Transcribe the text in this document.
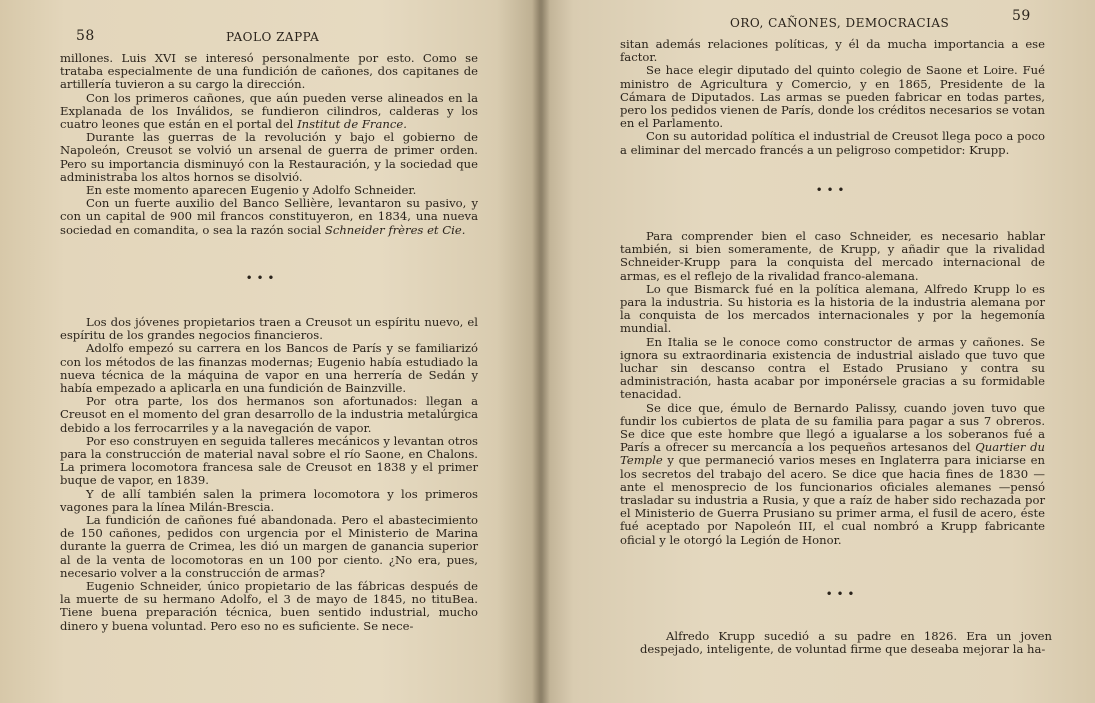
58	PAOLO ZAPPA

millones. Luis XVI se interesó personalmente por esto. Como se trataba especialmente de una fundición de cañones, dos capitanes de artillería tuvieron a su cargo la dirección.

Con los primeros cañones, que aún pueden verse alineados en la Explanada de los Inválidos, se fundieron cilindros, calderas y los cuatro leones que están en el portal del Institut de France.

Durante las guerras de la revolución y bajo el gobierno de Napoleón, Creusot se volvió un arsenal de guerra de primer orden. Pero su importancia disminuyó con la Restauración, y la sociedad que administraba los altos hornos se disolvió.

En este momento aparecen Eugenio y Adolfo Schneider.

Con un fuerte auxilio del Banco Sellière, levantaron su pasivo, y con un capital de 900 mil francos constituyeron, en 1834, una nueva sociedad en comandita, o sea la razón social Schneider frères et Cie.

• • •

Los dos jóvenes propietarios traen a Creusot un espíritu nuevo, el espíritu de los grandes negocios financieros.

Adolfo empezó su carrera en los Bancos de París y se familiarizó con los métodos de las finanzas modernas; Eugenio había estudiado la nueva técnica de la máquina de vapor en una herrería de Sedán y había empezado a aplicarla en una fundición de Bainzville.

Por otra parte, los dos hermanos son afortunados: llegan a Creusot en el momento del gran desarrollo de la industria metalúrgica debido a los ferrocarriles y a la navegación de vapor.

Por eso construyen en seguida talleres mecánicos y levantan otros para la construcción de material naval sobre el río Saone, en Chalons. La primera locomotora francesa sale de Creusot en 1838 y el primer buque de vapor, en 1839.

Y de allí también salen la primera locomotora y los primeros vagones para la línea Milán-Brescia.

La fundición de cañones fué abandonada. Pero el abastecimiento de 150 cañones, pedidos con urgencia por el Ministerio de Marina durante la guerra de Crimea, les dió un margen de ganancia superior al de la venta de locomotoras en un 100 por ciento. ¿No era, pues, necesario volver a la construcción de armas?

Eugenio Schneider, único propietario de las fábricas después de la muerte de su hermano Adolfo, el 3 de mayo de 1845, no tituBea. Tiene buena preparación técnica, buen sentido industrial, mucho dinero y buena voluntad. Pero eso no es suficiente. Se nece-

ORO, CAÑONES, DEMOCRACIAS	59

sitan además relaciones políticas, y él da mucha importancia a ese factor.

Se hace elegir diputado del quinto colegio de Saone et Loire. Fué ministro de Agricultura y Comercio, y en 1865, Presidente de la Cámara de Diputados. Las armas se pueden fabricar en todas partes, pero los pedidos vienen de París, donde los créditos necesarios se votan en el Parlamento.

Con su autoridad política el industrial de Creusot llega poco a poco a eliminar del mercado francés a un peligroso competidor: Krupp.

• • •

Para comprender bien el caso Schneider, es necesario hablar también, si bien someramente, de Krupp, y añadir que la rivalidad Schneider-Krupp para la conquista del mercado internacional de armas, es el reflejo de la rivalidad franco-alemana.

Lo que Bismarck fué en la política alemana, Alfredo Krupp lo es para la industria. Su historia es la historia de la industria alemana por la conquista de los mercados internacionales y por la hegemonía mundial.

En Italia se le conoce como constructor de armas y cañones. Se ignora su extraordinaria existencia de industrial aislado que tuvo que luchar sin descanso contra el Estado Prusiano y contra su administración, hasta acabar por imponérsele gracias a su formidable tenacidad.

Se dice que, émulo de Bernardo Palissy, cuando joven tuvo que fundir los cubiertos de plata de su familia para pagar a sus 7 obreros. Se dice que este hombre que llegó a igualarse a los soberanos fué a París a ofrecer su mercancía a los pequeños artesanos del Quartier du Temple y que permaneció varios meses en Inglaterra para iniciarse en los secretos del trabajo del acero. Se dice que hacia fines de 1830 —ante el menosprecio de los funcionarios oficiales alemanes —pensó trasladar su industria a Rusia, y que a raíz de haber sido rechazada por el Ministerio de Guerra Prusiano su primer arma, el fusil de acero, éste fué aceptado por Napoleón III, el cual nombró a Krupp fabricante oficial y le otorgó la Legión de Honor.

• • •

Alfredo Krupp sucedió a su padre en 1826. Era un joven despejado, inteligente, de voluntad firme que deseaba mejorar la ha-
